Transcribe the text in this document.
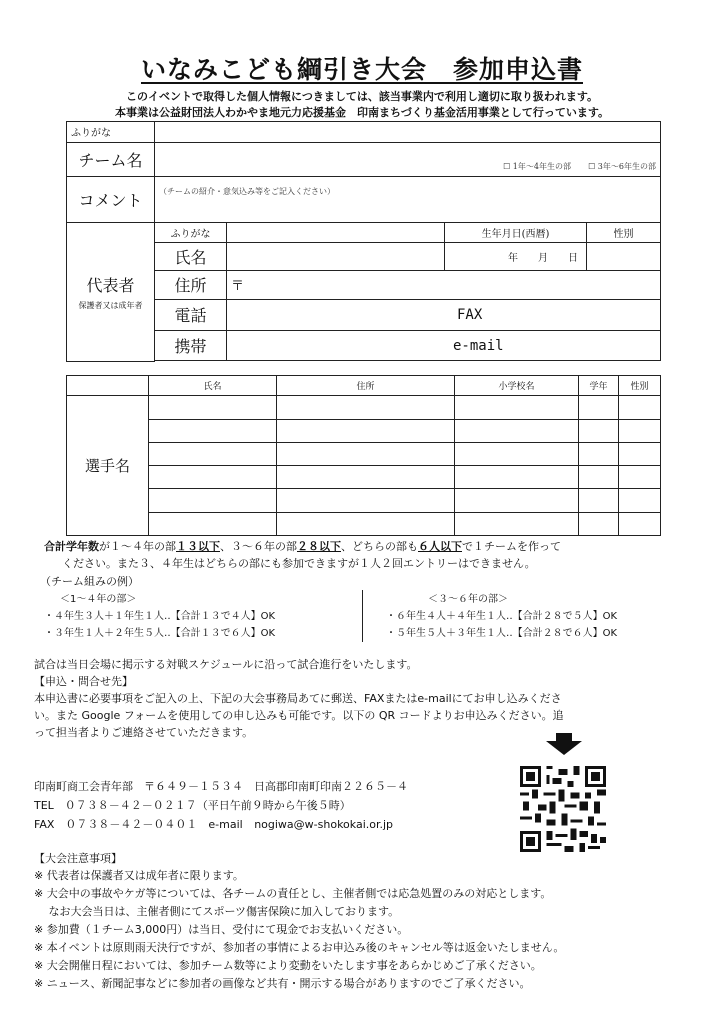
いなみこども綱引き大会　参加申込書
このイベントで取得した個人情報につきましては、該当事業内で利用し適切に取り扱われます。
本事業は公益財団法人わかやま地元力応援基金　印南まちづくり基金活用事業として行っています。
ふりがな				
チーム名	☐ 1年～4年生の部 ☐ 3年～6年生の部			
コメント	（チームの紹介・意気込み等をご記入ください）			

代表者
保護者又は成年者	ふりがな		生年月日(西暦)	性別
	氏名		年　　月　　日	
	住所	〒		
	電話	FAX		
	携帯	e-mail		

	氏名	住所	小学校名	学年	性別
選手名					

合計学年数が１～４年の部１３以下、３～６年の部２８以下、どちらの部も６人以下で１チームを作って
ください。また３、４年生はどちらの部にも参加できますが１人２回エントリーはできません。
（チーム組みの例）
＜1～４年の部＞
・４年生３人＋１年生１人‥【合計１３で４人】OK
・３年生１人＋２年生５人‥【合計１３で６人】OK
＜３～６年の部＞
・６年生４人＋４年生１人‥【合計２８で５人】OK
・５年生５人＋３年生１人‥【合計２８で６人】OK
試合は当日会場に掲示する対戦スケジュールに沿って試合進行をいたします。
【申込・問合せ先】
本申込書に必要事項をご記入の上、下記の大会事務局あてに郵送、FAXまたはe-mailにてお申し込みくださ
い。また Google フォームを使用しての申し込みも可能です。以下の QR コードよりお申込みください。追
って担当者よりご連絡させていただきます。
印南町商工会青年部　〒６４９－１５３４　日高郡印南町印南２２６５－４
TEL　０７３８－４２－０２１７（平日午前９時から午後５時）
FAX　０７３８－４２－０４０１　e-mail nogiwa@w-shokokai.or.jp
【大会注意事項】
※ 代表者は保護者又は成年者に限ります。
※ 大会中の事故やケガ等については、各チームの責任とし、主催者側では応急処置のみの対応とします。
　 なお大会当日は、主催者側にてスポーツ傷害保険に加入しております。
※ 参加費（１チーム3,000円）は当日、受付にて現金でお支払いください。
※ 本イベントは原則雨天決行ですが、参加者の事情によるお申込み後のキャンセル等は返金いたしません。
※ 大会開催日程においては、参加チーム数等により変動をいたします事をあらかじめご了承ください。
※ ニュース、新聞記事などに参加者の画像など共有・開示する場合がありますのでご了承ください。
